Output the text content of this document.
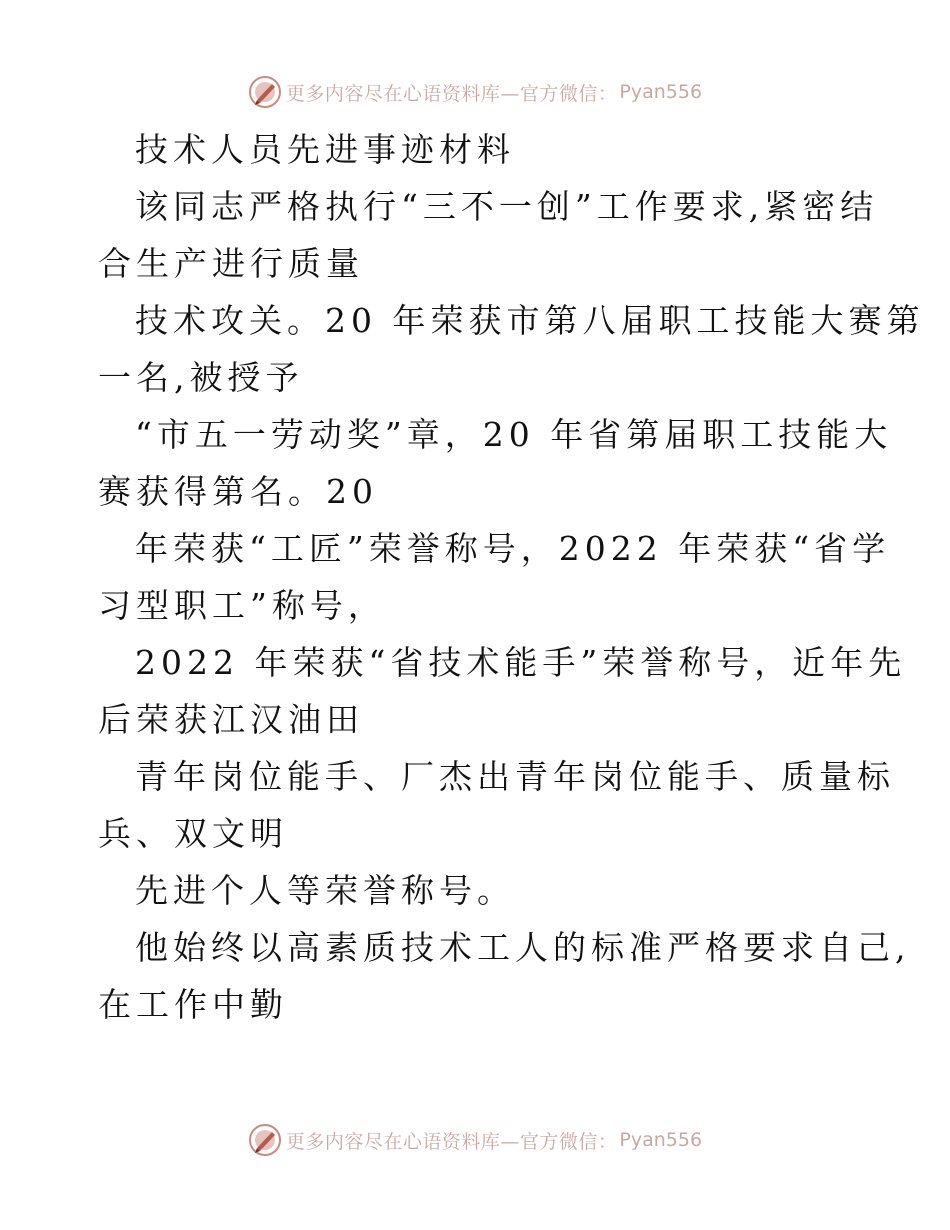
更多内容尽在心语资料库—官方微信： Pyan556
技术人员先进事迹材料
该同志严格执行“三不一创”工作要求,紧密结
合生产进行质量
技术攻关。20 年荣获市第八届职工技能大赛第
一名,被授予
“市五一劳动奖”章，20 年省第届职工技能大
赛获得第名。20
年荣获“工匠”荣誉称号，2022 年荣获“省学
习型职工”称号，
2022 年荣获“省技术能手”荣誉称号，近年先
后荣获江汉油田
青年岗位能手、厂杰出青年岗位能手、质量标
兵、双文明
先进个人等荣誉称号。
他始终以高素质技术工人的标准严格要求自己,
在工作中勤
更多内容尽在心语资料库—官方微信： Pyan556
